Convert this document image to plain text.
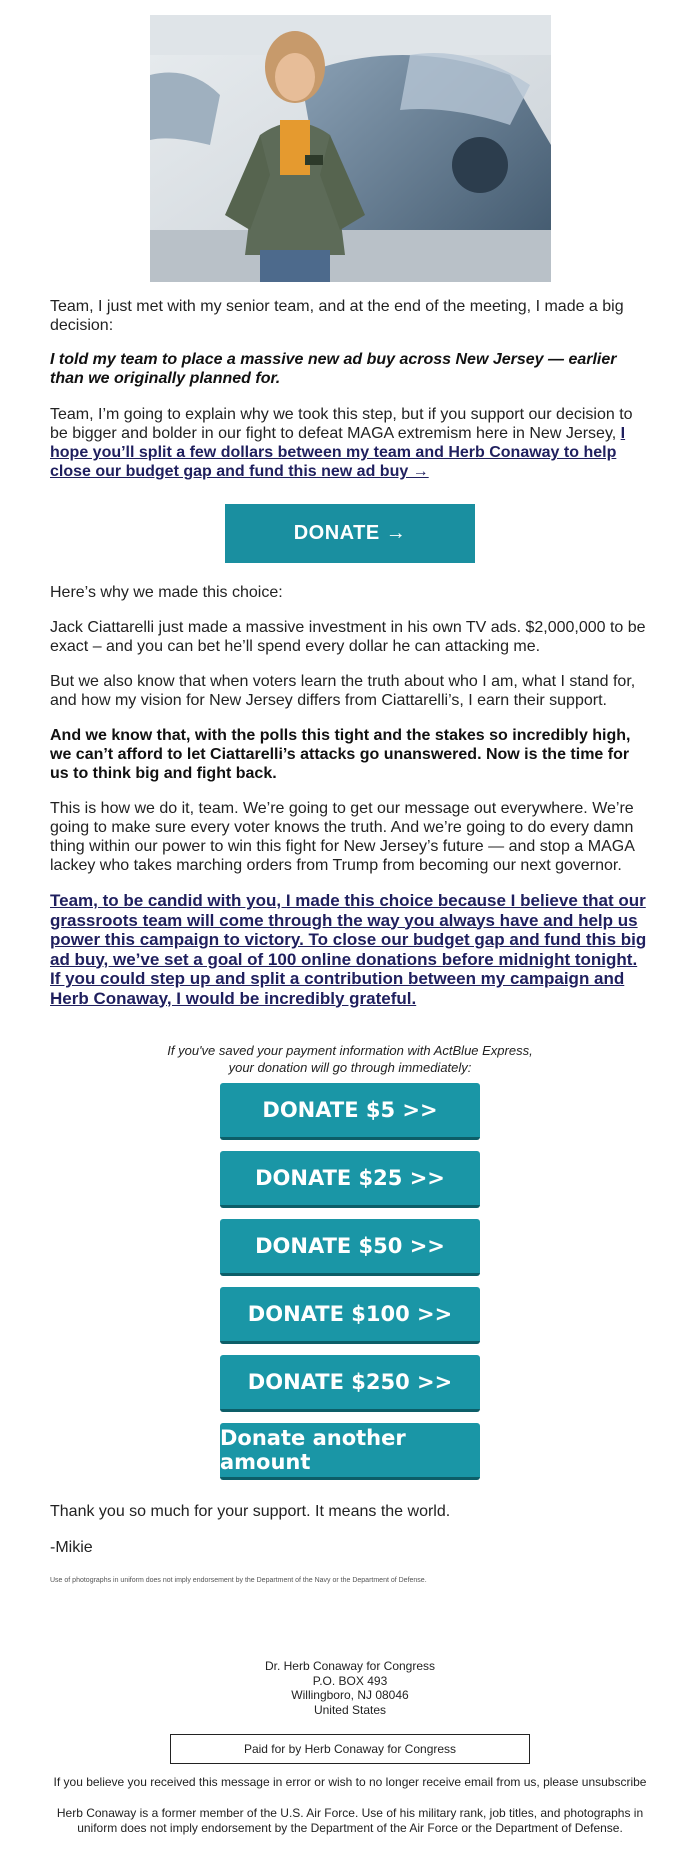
Team, I just met with my senior team, and at the end of the meeting, I made a big decision:

I told my team to place a massive new ad buy across New Jersey — earlier than we originally planned for.

Team, I’m going to explain why we took this step, but if you support our decision to be bigger and bolder in our fight to defeat MAGA extremism here in New Jersey, I hope you’ll split a few dollars between my team and Herb Conaway to help close our budget gap and fund this new ad buy →

DONATE →

Here’s why we made this choice:

Jack Ciattarelli just made a massive investment in his own TV ads. $2,000,000 to be exact – and you can bet he’ll spend every dollar he can attacking me.

But we also know that when voters learn the truth about who I am, what I stand for, and how my vision for New Jersey differs from Ciattarelli’s, I earn their support.

And we know that, with the polls this tight and the stakes so incredibly high, we can’t afford to let Ciattarelli’s attacks go unanswered. Now is the time for us to think big and fight back.

This is how we do it, team. We’re going to get our message out everywhere. We’re going to make sure every voter knows the truth. And we’re going to do every damn thing within our power to win this fight for New Jersey’s future — and stop a MAGA lackey who takes marching orders from Trump from becoming our next governor.

Team, to be candid with you, I made this choice because I believe that our grassroots team will come through the way you always have and help us power this campaign to victory. To close our budget gap and fund this big ad buy, we’ve set a goal of 100 online donations before midnight tonight. If you could step up and split a contribution between my campaign and Herb Conaway, I would be incredibly grateful.
If you've saved your payment information with ActBlue Express,
your donation will go through immediately:
DONATE $5 >>
DONATE $25 >>
DONATE $50 >>
DONATE $100 >>
DONATE $250 >>
Donate another amount

Thank you so much for your support. It means the world.

-Mikie

Use of photographs in uniform does not imply endorsement by the Department of the Navy or the Department of Defense.
Dr. Herb Conaway for Congress
P.O. BOX 493
Willingboro, NJ 08046
United States
Paid for by Herb Conaway for Congress
If you believe you received this message in error or wish to no longer receive email from us, please unsubscribe
Herb Conaway is a former member of the U.S. Air Force. Use of his military rank, job titles, and photographs in uniform does not imply endorsement by the Department of the Air Force or the Department of Defense.
